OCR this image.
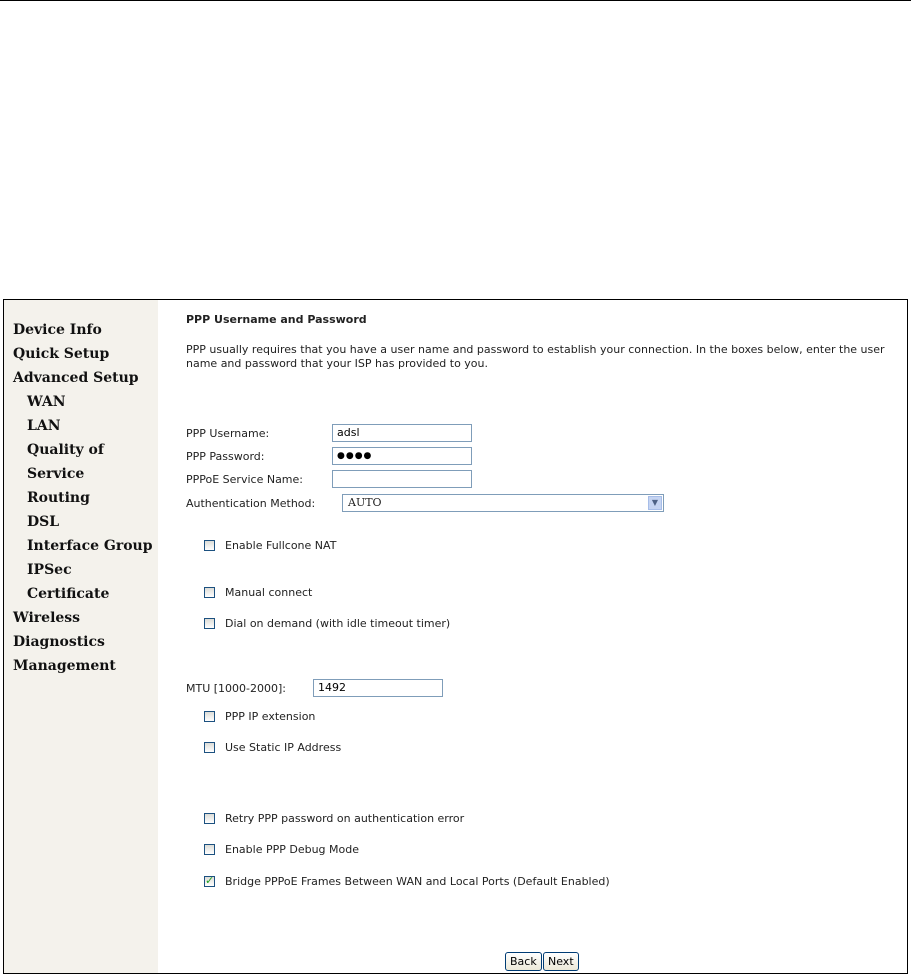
Device Info
Quick Setup
Advanced Setup
WAN
LAN
Quality of Service
Routing
DSL
Interface Group
IPSec
Certificate
Wireless
Diagnostics
Management
PPP Username and Password
PPP usually requires that you have a user name and password to establish your connection. In the boxes below, enter the user name and password that your ISP has provided to you.
PPP Username:	adsl
PPP Password:	●●●●
PPPoE Service Name:
Authentication Method:	AUTO	▼
Enable Fullcone NAT
Manual connect
Dial on demand (with idle timeout timer)
MTU [1000-2000]:	1492
PPP IP extension
Use Static IP Address
Retry PPP password on authentication error
Enable PPP Debug Mode
✓ Bridge PPPoE Frames Between WAN and Local Ports (Default Enabled)
Back	Next
